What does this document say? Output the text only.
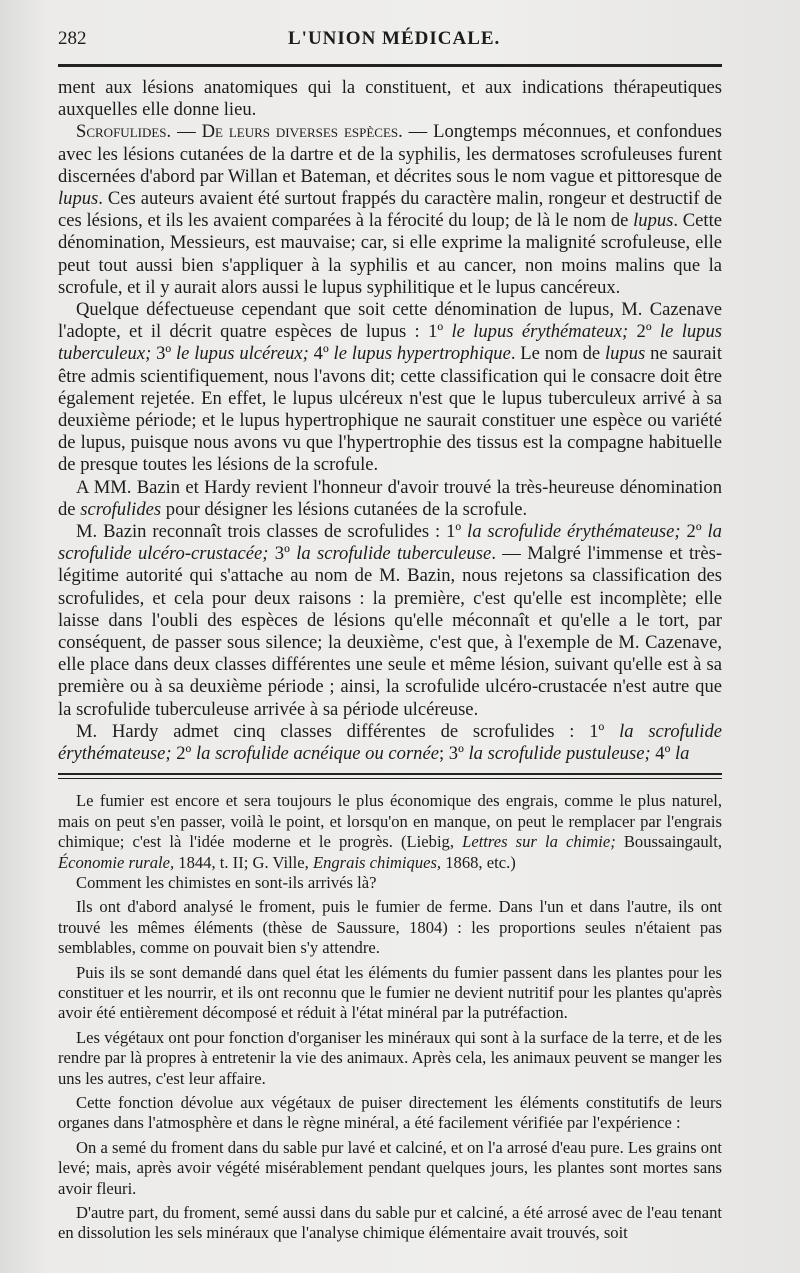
282	L'UNION MÉDICALE.

ment aux lésions anatomiques qui la constituent, et aux indications thérapeutiques auxquelles elle donne lieu.

Scrofulides. — De leurs diverses espèces. — Longtemps méconnues, et confondues avec les lésions cutanées de la dartre et de la syphilis, les dermatoses scrofuleuses furent discernées d'abord par Willan et Bateman, et décrites sous le nom vague et pittoresque de lupus. Ces auteurs avaient été surtout frappés du caractère malin, rongeur et destructif de ces lésions, et ils les avaient comparées à la férocité du loup; de là le nom de lupus. Cette dénomination, Messieurs, est mauvaise; car, si elle exprime la malignité scrofuleuse, elle peut tout aussi bien s'appliquer à la syphilis et au cancer, non moins malins que la scrofule, et il y aurait alors aussi le lupus syphilitique et le lupus cancéreux.

Quelque défectueuse cependant que soit cette dénomination de lupus, M. Cazenave l'adopte, et il décrit quatre espèces de lupus : 1º le lupus érythémateux; 2º le lupus tuberculeux; 3º le lupus ulcéreux; 4º le lupus hypertrophique. Le nom de lupus ne saurait être admis scientifiquement, nous l'avons dit; cette classification qui le consacre doit être également rejetée. En effet, le lupus ulcéreux n'est que le lupus tuberculeux arrivé à sa deuxième période; et le lupus hypertrophique ne saurait constituer une espèce ou variété de lupus, puisque nous avons vu que l'hypertrophie des tissus est la compagne habituelle de presque toutes les lésions de la scrofule.

A MM. Bazin et Hardy revient l'honneur d'avoir trouvé la très-heureuse dénomination de scrofulides pour désigner les lésions cutanées de la scrofule.

M. Bazin reconnaît trois classes de scrofulides : 1º la scrofulide érythémateuse; 2º la scrofulide ulcéro-crustacée; 3º la scrofulide tuberculeuse. — Malgré l'immense et très-légitime autorité qui s'attache au nom de M. Bazin, nous rejetons sa classification des scrofulides, et cela pour deux raisons : la première, c'est qu'elle est incomplète; elle laisse dans l'oubli des espèces de lésions qu'elle méconnaît et qu'elle a le tort, par conséquent, de passer sous silence; la deuxième, c'est que, à l'exemple de M. Cazenave, elle place dans deux classes différentes une seule et même lésion, suivant qu'elle est à sa première ou à sa deuxième période ; ainsi, la scrofulide ulcéro-crustacée n'est autre que la scrofulide tuberculeuse arrivée à sa période ulcéreuse.

M. Hardy admet cinq classes différentes de scrofulides : 1º la scrofulide érythémateuse; 2º la scrofulide acnéique ou cornée; 3º la scrofulide pustuleuse; 4º la

Le fumier est encore et sera toujours le plus économique des engrais, comme le plus naturel, mais on peut s'en passer, voilà le point, et lorsqu'on en manque, on peut le remplacer par l'engrais chimique; c'est là l'idée moderne et le progrès. (Liebig, Lettres sur la chimie; Boussaingault, Économie rurale, 1844, t. II; G. Ville, Engrais chimiques, 1868, etc.)

Comment les chimistes en sont-ils arrivés là?

Ils ont d'abord analysé le froment, puis le fumier de ferme. Dans l'un et dans l'autre, ils ont trouvé les mêmes éléments (thèse de Saussure, 1804) : les proportions seules n'étaient pas semblables, comme on pouvait bien s'y attendre.

Puis ils se sont demandé dans quel état les éléments du fumier passent dans les plantes pour les constituer et les nourrir, et ils ont reconnu que le fumier ne devient nutritif pour les plantes qu'après avoir été entièrement décomposé et réduit à l'état minéral par la putréfaction.

Les végétaux ont pour fonction d'organiser les minéraux qui sont à la surface de la terre, et de les rendre par là propres à entretenir la vie des animaux. Après cela, les animaux peuvent se manger les uns les autres, c'est leur affaire.

Cette fonction dévolue aux végétaux de puiser directement les éléments constitutifs de leurs organes dans l'atmosphère et dans le règne minéral, a été facilement vérifiée par l'expérience :

On a semé du froment dans du sable pur lavé et calciné, et on l'a arrosé d'eau pure. Les grains ont levé; mais, après avoir végété misérablement pendant quelques jours, les plantes sont mortes sans avoir fleuri.

D'autre part, du froment, semé aussi dans du sable pur et calciné, a été arrosé avec de l'eau tenant en dissolution les sels minéraux que l'analyse chimique élémentaire avait trouvés, soit
